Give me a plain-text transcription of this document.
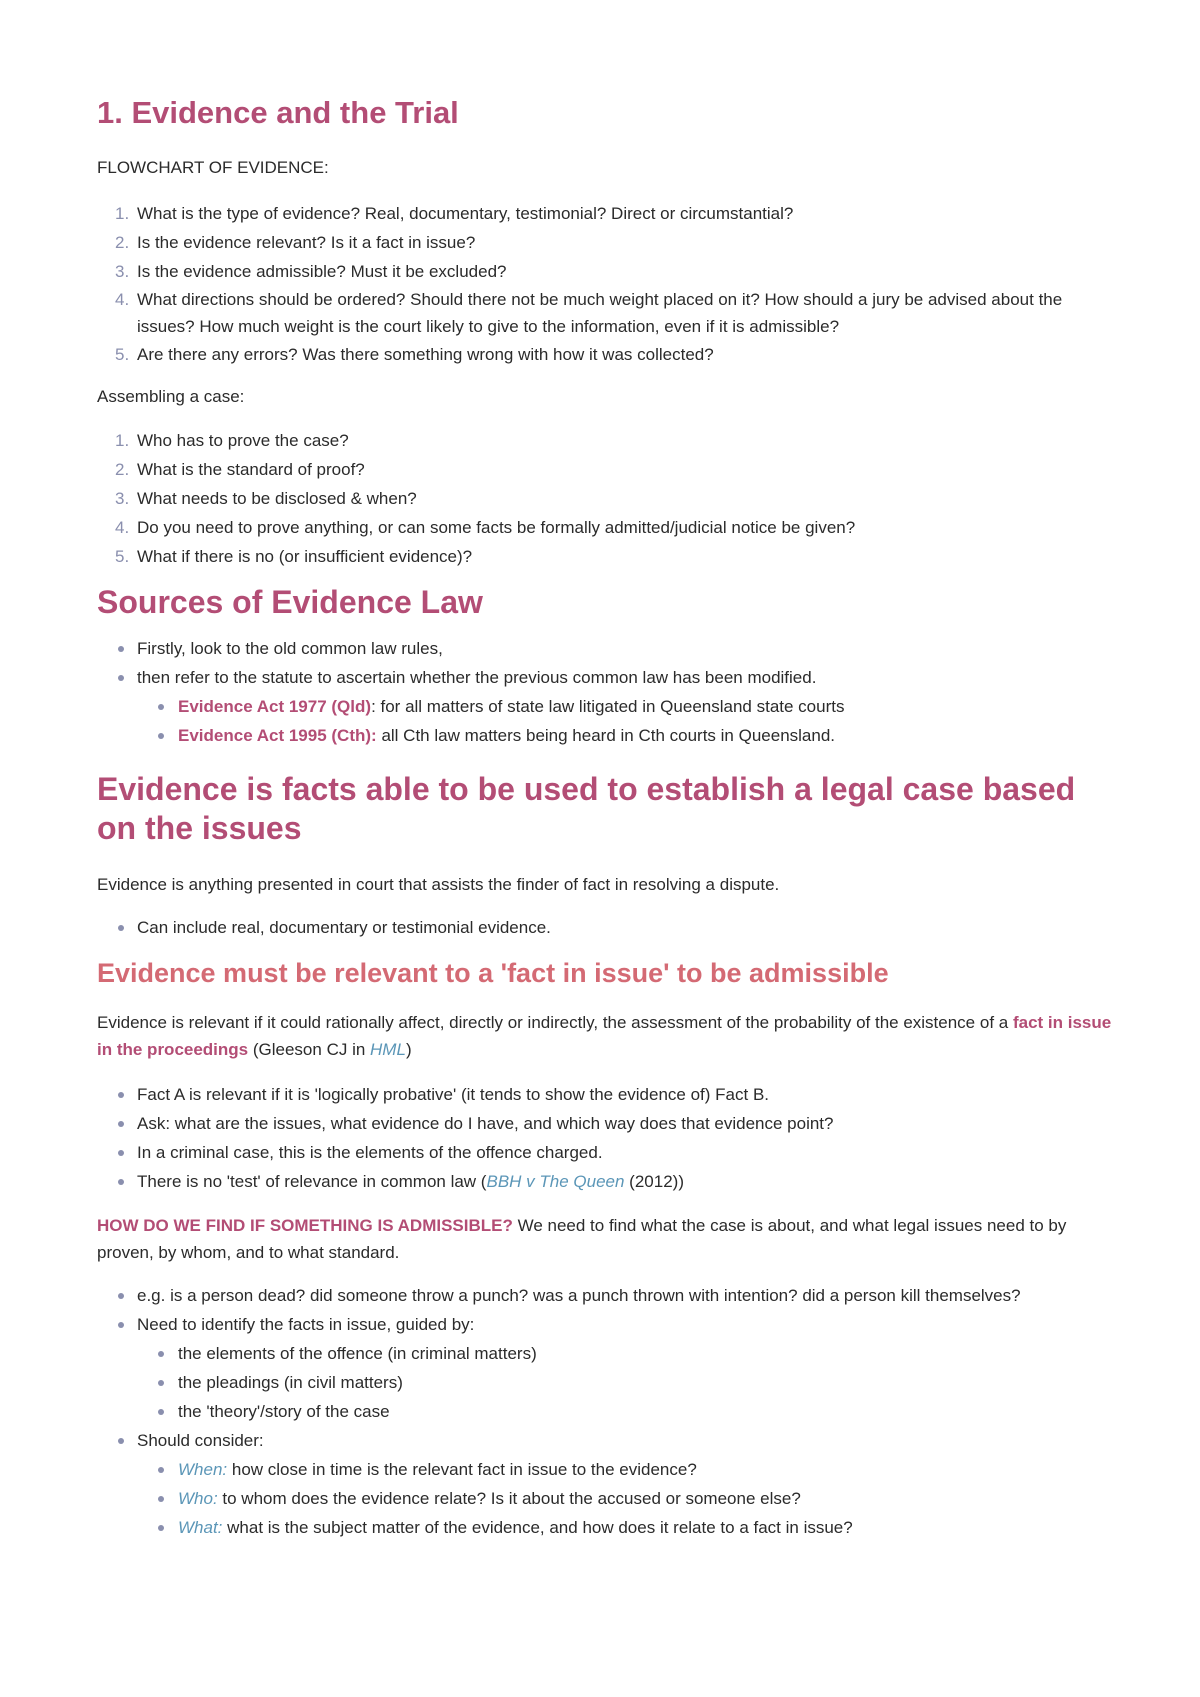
1. Evidence and the Trial

FLOWCHART OF EVIDENCE:

1. What is the type of evidence? Real, documentary, testimonial? Direct or circumstantial?
2. Is the evidence relevant? Is it a fact in issue?
3. Is the evidence admissible? Must it be excluded?
4. What directions should be ordered? Should there not be much weight placed on it? How should a jury be advised about the issues? How much weight is the court likely to give to the information, even if it is admissible?
5. Are there any errors? Was there something wrong with how it was collected?

Assembling a case:

1. Who has to prove the case?
2. What is the standard of proof?
3. What needs to be disclosed & when?
4. Do you need to prove anything, or can some facts be formally admitted/judicial notice be given?
5. What if there is no (or insufficient evidence)?
Sources of Evidence Law
Firstly, look to the old common law rules,
then refer to the statute to ascertain whether the previous common law has been modified.
Evidence Act 1977 (Qld): for all matters of state law litigated in Queensland state courts
Evidence Act 1995 (Cth): all Cth law matters being heard in Cth courts in Queensland.
Evidence is facts able to be used to establish a legal case based on the issues

Evidence is anything presented in court that assists the finder of fact in resolving a dispute.

Can include real, documentary or testimonial evidence.
Evidence must be relevant to a 'fact in issue' to be admissible

Evidence is relevant if it could rationally affect, directly or indirectly, the assessment of the probability of the existence of a fact in issue in the proceedings (Gleeson CJ in HML)

Fact A is relevant if it is 'logically probative' (it tends to show the evidence of) Fact B.
Ask: what are the issues, what evidence do I have, and which way does that evidence point?
In a criminal case, this is the elements of the offence charged.
There is no 'test' of relevance in common law (BBH v The Queen (2012))

HOW DO WE FIND IF SOMETHING IS ADMISSIBLE? We need to find what the case is about, and what legal issues need to by proven, by whom, and to what standard.

e.g. is a person dead? did someone throw a punch? was a punch thrown with intention? did a person kill themselves?
Need to identify the facts in issue, guided by:
the elements of the offence (in criminal matters)
the pleadings (in civil matters)
the 'theory'/story of the case
Should consider:
When: how close in time is the relevant fact in issue to the evidence?
Who: to whom does the evidence relate? Is it about the accused or someone else?
What: what is the subject matter of the evidence, and how does it relate to a fact in issue?
